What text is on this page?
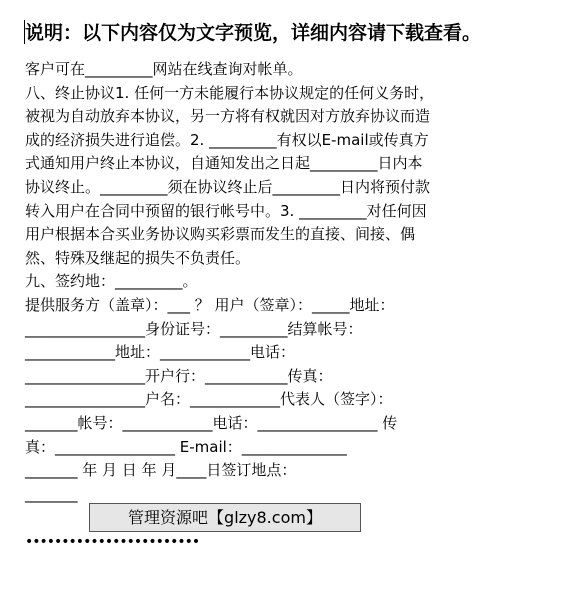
说明：以下内容仅为文字预览，详细内容请下载查看。
客户可在_________网站在线查询对帐单。
八、终止协议1. 任何一方未能履行本协议规定的任何义务时，
被视为自动放弃本协议，另一方将有权就因对方放弃协议而造
成的经济损失进行追偿。2. _________有权以E-mail或传真方
式通知用户终止本协议，自通知发出之日起_________日内本
协议终止。_________须在协议终止后_________日内将预付款
转入用户在合同中预留的银行帐号中。3. _________对任何因
用户根据本合买业务协议购买彩票而发生的直接、间接、偶
然、特殊及继起的损失不负责任。
九、签约地：_________。
提供服务方（盖章）：___ ？ 用户（签章）：_____地址：
________________身份证号：_________结算帐号：
____________地址：____________电话：
________________开户行：___________传真：
________________户名：____________代表人（签字）：
_______帐号：____________电话：________________ 传
真：________________ E-mail：______________
_______ 年 月 日 年 月____日签订地点：
_______
管理资源吧【glzy8.com】
••••••••••••••••••••••••
